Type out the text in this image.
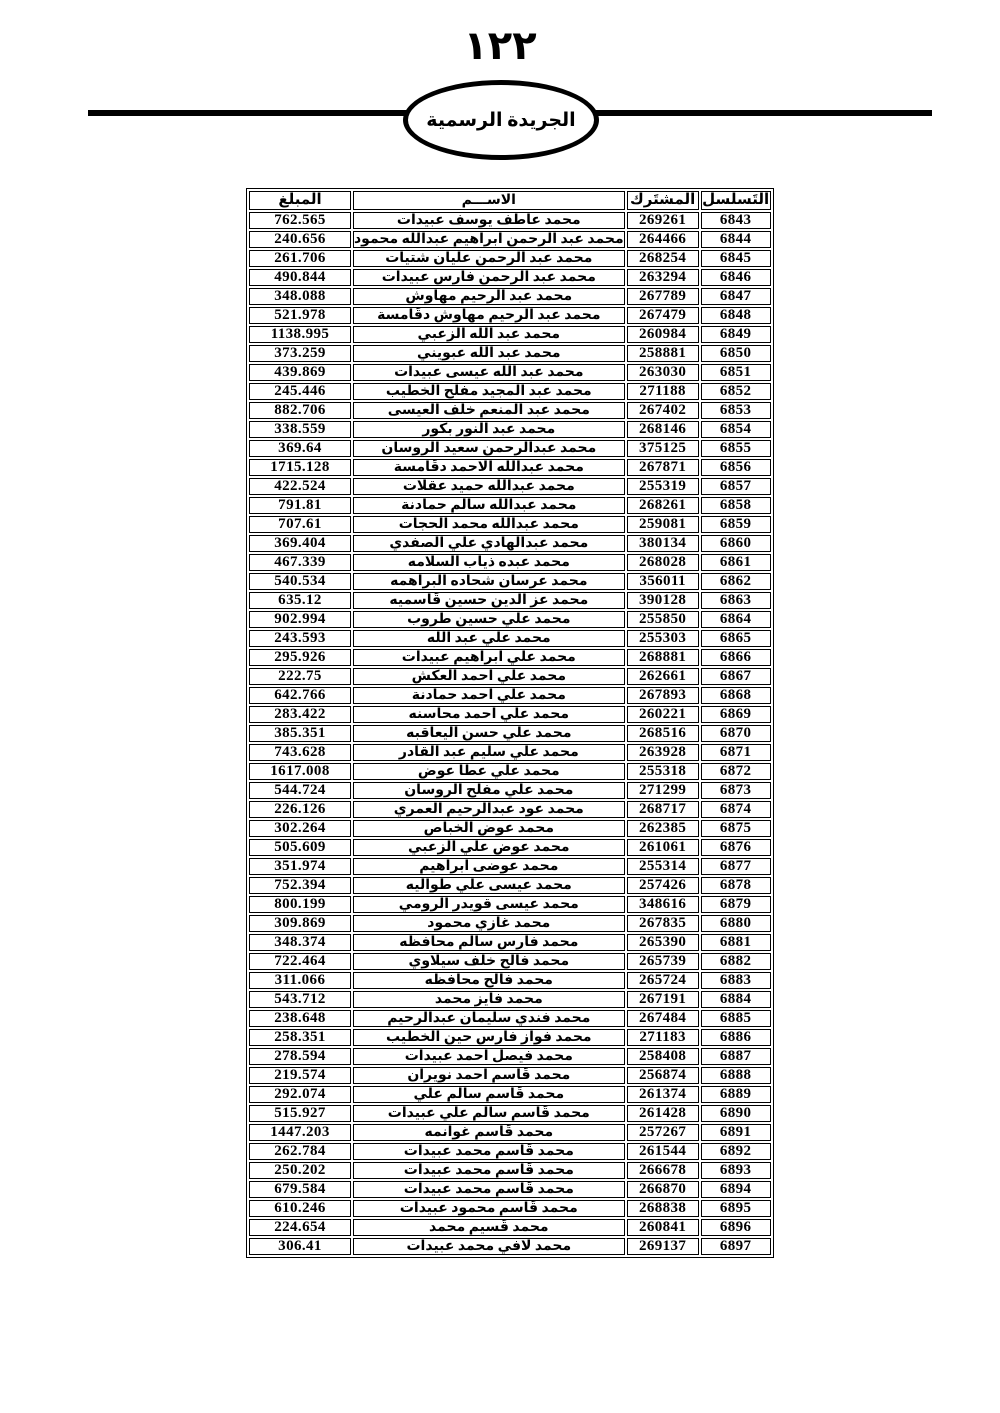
١٢٢
الجريدة الرسمية
التَسلسل	المشتَرك	الاســـم	المبلغ
6843	269261	محمد عاطف يوسف عبيدات	762.565
6844	264466	محمد عبد الرحمن ابراهيم عبدالله محمود	240.656
6845	268254	محمد عبد الرحمن عليان شتيات	261.706
6846	263294	محمد عبد الرحمن فارس عبيدات	490.844
6847	267789	محمد عبد الرحيم مهاوش	348.088
6848	267479	محمد عبد الرحيم مهاوش دقَامسة	521.978
6849	260984	محمد عبد الله الزعبي	1138.995
6850	258881	محمد عبد الله عبويني	373.259
6851	263030	محمد عبد الله عيسى عبيدات	439.869
6852	271188	محمد عبد المجيد مفلح الخطيب	245.446
6853	267402	محمد عبد المنعم خلف العيسى	882.706
6854	268146	محمد عبد النور بكور	338.559
6855	375125	محمد عبدالرحمن سعيد الروسان	369.64
6856	267871	محمد عبدالله الاحمد دقَامسة	1715.128
6857	255319	محمد عبدالله حميد عقلات	422.524
6858	268261	محمد عبدالله سالم حمادنة	791.81
6859	259081	محمد عبدالله محمد الحجات	707.61
6860	380134	محمد عبدالهادي علي الصفدي	369.404
6861	268028	محمد عبده ذياب السلامه	467.339
6862	356011	محمد عرسان شحاده البراهمه	540.534
6863	390128	محمد عز الدين حسين قَاسميه	635.12
6864	255850	محمد علي حسين طروب	902.994
6865	255303	محمد علي عبد الله	243.593
6866	268881	محمد علي ابراهيم عبيدات	295.926
6867	262661	محمد علي احمد العكش	222.75
6868	267893	محمد علي احمد حمادنة	642.766
6869	260221	محمد علي احمد محاسنه	283.422
6870	268516	محمد علي حسن اليعاقبه	385.351
6871	263928	محمد علي سليم عبد القادر	743.628
6872	255318	محمد علي عطا عوض	1617.008
6873	271299	محمد علي مفلح الروسان	544.724
6874	268717	محمد عود عبدالرحيم العمري	226.126
6875	262385	محمد عوض الخباص	302.264
6876	261061	محمد عوض علي الزعبي	505.609
6877	255314	محمد عوضى ابراهيم	351.974
6878	257426	محمد عيسى علي طواليه	752.394
6879	348616	محمد عيسى قويدر الرومي	800.199
6880	267835	محمد غازي محمود	309.869
6881	265390	محمد فارس سالم محافظه	348.374
6882	265739	محمد فالح خلف سيلاوي	722.464
6883	265724	محمد فالح محافظه	311.066
6884	267191	محمد فايز محمد	543.712
6885	267484	محمد فندي سليمان عبدالرحيم	238.648
6886	271183	محمد فواز فارس حين الخطيب	258.351
6887	258408	محمد فيصل احمد عبيدات	278.594
6888	256874	محمد قَاسم احمد نويران	219.574
6889	261374	محمد قَاسم سالم علي	292.074
6890	261428	محمد قَاسم سالم علي عبيدات	515.927
6891	257267	محمد قَاسم غوانمه	1447.203
6892	261544	محمد قَاسم محمد عبيدات	262.784
6893	266678	محمد قَاسم محمد عبيدات	250.202
6894	266870	محمد قَاسم محمد عبيدات	679.584
6895	268838	محمد قَاسم محمود عبيدات	610.246
6896	260841	محمد قَسيم محمد	224.654
6897	269137	محمد لافي محمد عبيدات	306.41
